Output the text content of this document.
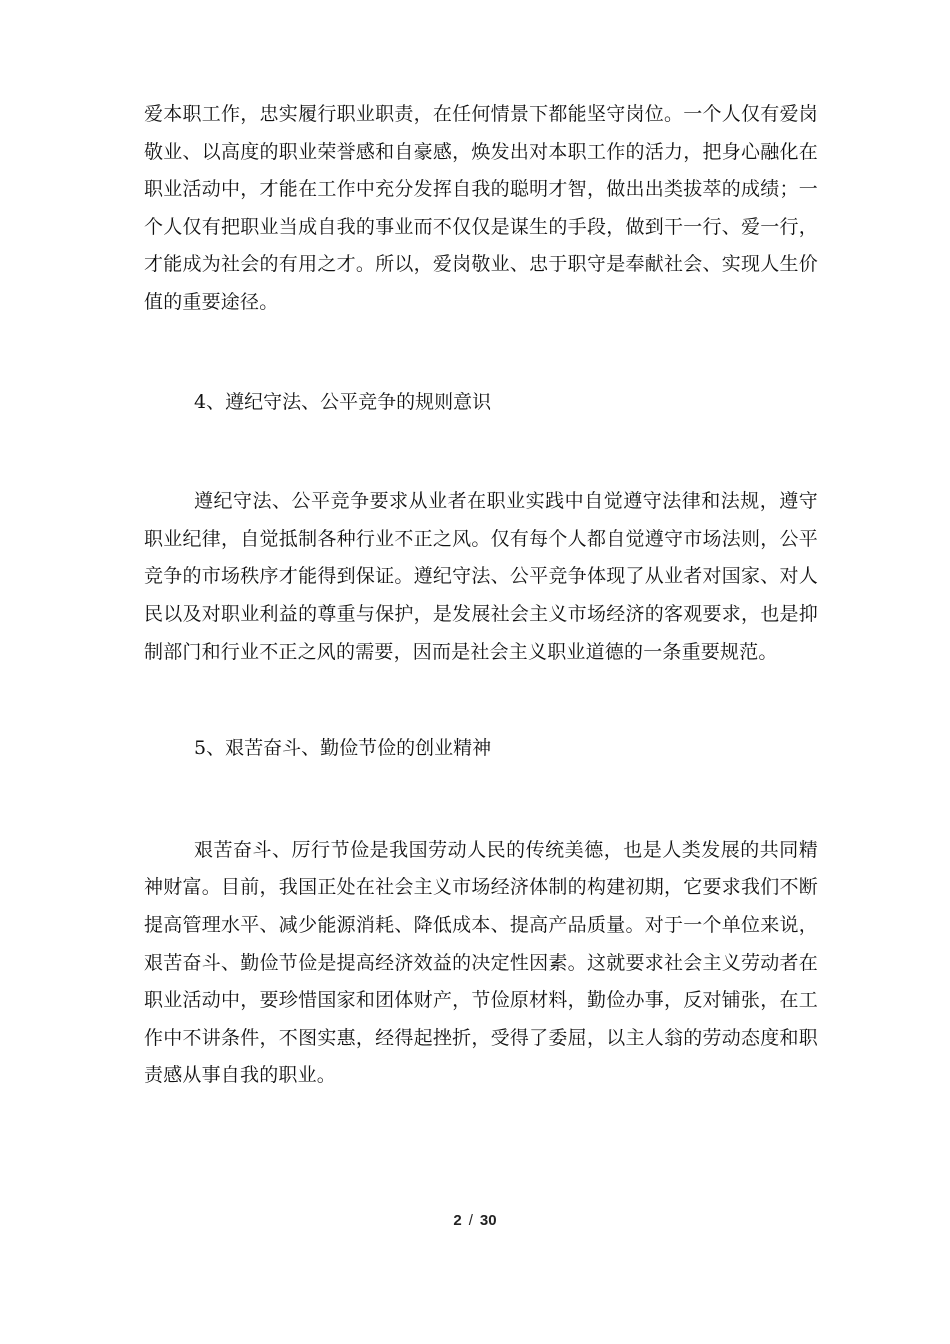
爱本职工作，忠实履行职业职责，在任何情景下都能坚守岗位。一个人仅有爱岗敬业、以高度的职业荣誉感和自豪感，焕发出对本职工作的活力，把身心融化在职业活动中，才能在工作中充分发挥自我的聪明才智，做出出类拔萃的成绩；一个人仅有把职业当成自我的事业而不仅仅是谋生的手段，做到干一行、爱一行，才能成为社会的有用之才。所以，爱岗敬业、忠于职守是奉献社会、实现人生价值的重要途径。

4、遵纪守法、公平竞争的规则意识

遵纪守法、公平竞争要求从业者在职业实践中自觉遵守法律和法规，遵守职业纪律，自觉抵制各种行业不正之风。仅有每个人都自觉遵守市场法则，公平竞争的市场秩序才能得到保证。遵纪守法、公平竞争体现了从业者对国家、对人民以及对职业利益的尊重与保护，是发展社会主义市场经济的客观要求，也是抑制部门和行业不正之风的需要，因而是社会主义职业道德的一条重要规范。

5、艰苦奋斗、勤俭节俭的创业精神

艰苦奋斗、厉行节俭是我国劳动人民的传统美德，也是人类发展的共同精神财富。目前，我国正处在社会主义市场经济体制的构建初期，它要求我们不断提高管理水平、减少能源消耗、降低成本、提高产品质量。对于一个单位来说，艰苦奋斗、勤俭节俭是提高经济效益的决定性因素。这就要求社会主义劳动者在职业活动中，要珍惜国家和团体财产，节俭原材料，勤俭办事，反对铺张，在工作中不讲条件，不图实惠，经得起挫折，受得了委屈，以主人翁的劳动态度和职责感从事自我的职业。

2 / 30
